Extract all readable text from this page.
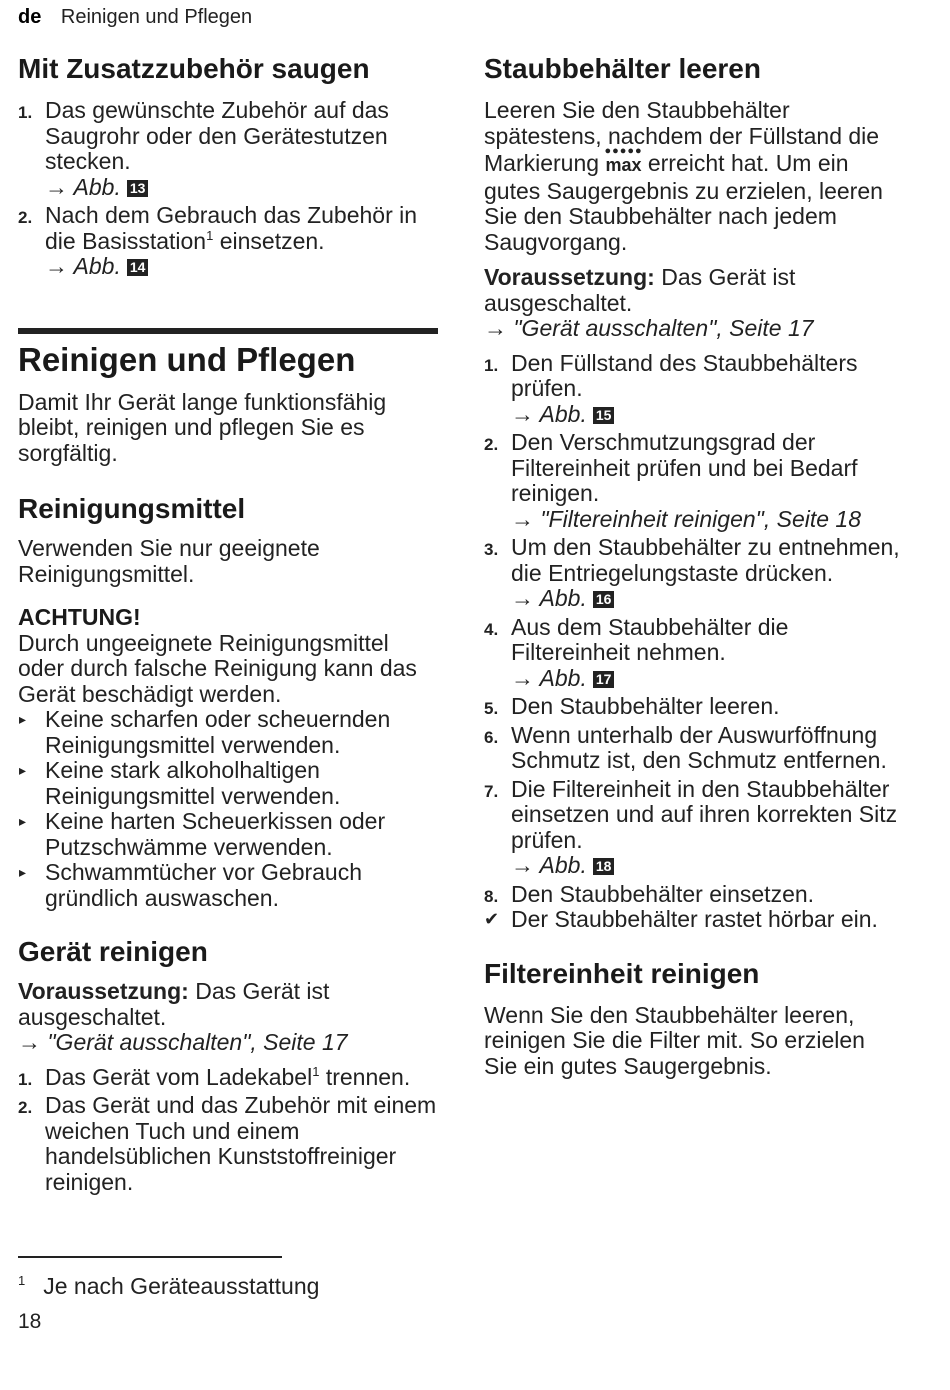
de Reinigen und Pflegen
Mit Zusatzzubehör saugen
1. Das gewünschte Zubehör auf das Saugrohr oder den Gerätestutzen stecken.
→ Abb. 13
2. Nach dem Gebrauch das Zubehör in die Basisstation$^1$ einsetzen.
→ Abb. 14
Reinigen und Pflegen

Damit Ihr Gerät lange funktionsfähig bleibt, reinigen und pflegen Sie es sorgfältig.

Reinigungsmittel

Verwenden Sie nur geeignete Reinigungsmittel.

ACHTUNG!

Durch ungeeignete Reinigungsmittel oder durch falsche Reinigung kann das Gerät beschädigt werden.

▸ Keine scharfen oder scheuernden Reinigungsmittel verwenden.
▸ Keine stark alkoholhaltigen Reinigungsmittel verwenden.
▸ Keine harten Scheuerkissen oder Putzschwämme verwenden.
▸ Schwammtücher vor Gebrauch gründlich auswaschen.
Gerät reinigen

Voraussetzung: Das Gerät ist ausgeschaltet.

→ "Gerät ausschalten", Seite 17

1. Das Gerät vom Ladekabel$^1$ trennen.
2. Das Gerät und das Zubehör mit einem weichen Tuch und einem handelsüblichen Kunststoffreiniger reinigen.
Staubbehälter leeren

Leeren Sie den Staubbehälter spätestens, nachdem der Füllstand die Markierung ●●●●●
max erreicht hat. Um ein gutes Saugergebnis zu erzielen, leeren Sie den Staubbehälter nach jedem Saugvorgang.

Voraussetzung: Das Gerät ist ausgeschaltet.

→ "Gerät ausschalten", Seite 17

1. Den Füllstand des Staubbehälters prüfen.
→ Abb. 15
2. Den Verschmutzungsgrad der Filtereinheit prüfen und bei Bedarf reinigen.
→ "Filtereinheit reinigen", Seite 18
3. Um den Staubbehälter zu entnehmen, die Entriegelungstaste drücken.
→ Abb. 16
4. Aus dem Staubbehälter die Filtereinheit nehmen.
→ Abb. 17
5. Den Staubbehälter leeren.
6. Wenn unterhalb der Auswurföffnung Schmutz ist, den Schmutz entfernen.
7. Die Filtereinheit in den Staubbehälter einsetzen und auf ihren korrekten Sitz prüfen.
→ Abb. 18
8. Den Staubbehälter einsetzen.
✔ Der Staubbehälter rastet hörbar ein.
Filtereinheit reinigen

Wenn Sie den Staubbehälter leeren, reinigen Sie die Filter mit. So erzielen Sie ein gutes Saugergebnis.

$^1$ Je nach Geräteausstattung
18
